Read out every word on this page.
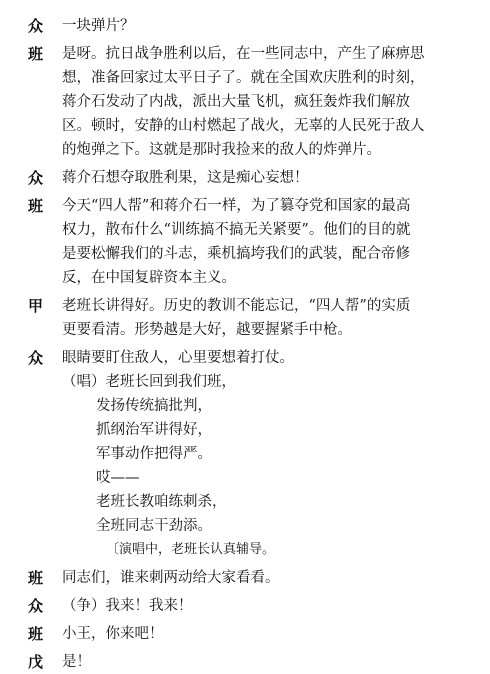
众	一块弹片？
班	是呀。抗日战争胜利以后，在一些同志中，产生了麻痹思
想，准备回家过太平日子了。就在全国欢庆胜利的时刻，
蒋介石发动了内战，派出大量飞机，疯狂轰炸我们解放
区。顿时，安静的山村燃起了战火，无辜的人民死于敌人
的炮弹之下。这就是那时我捡来的敌人的炸弹片。
众	蒋介石想夺取胜利果，这是痴心妄想！
班	今天“四人帮”和蒋介石一样，为了篡夺党和国家的最高
权力，散布什么“训练搞不搞无关紧要”。他们的目的就
是要松懈我们的斗志，乘机搞垮我们的武装，配合帝修
反，在中国复辟资本主义。
甲	老班长讲得好。历史的教训不能忘记，“四人帮”的实质
更要看清。形势越是大好，越要握紧手中枪。
众	眼睛要盯住敌人，心里要想着打仗。
（唱）老班长回到我们班，
发扬传统搞批判，
抓纲治军讲得好，
军事动作把得严。
哎——
老班长教咱练刺杀，
全班同志干劲添。
〔演唱中，老班长认真辅导。
班	同志们，谁来刺两动给大家看看。
众	（争）我来！我来！
班	小王，你来吧！
戊	是！
